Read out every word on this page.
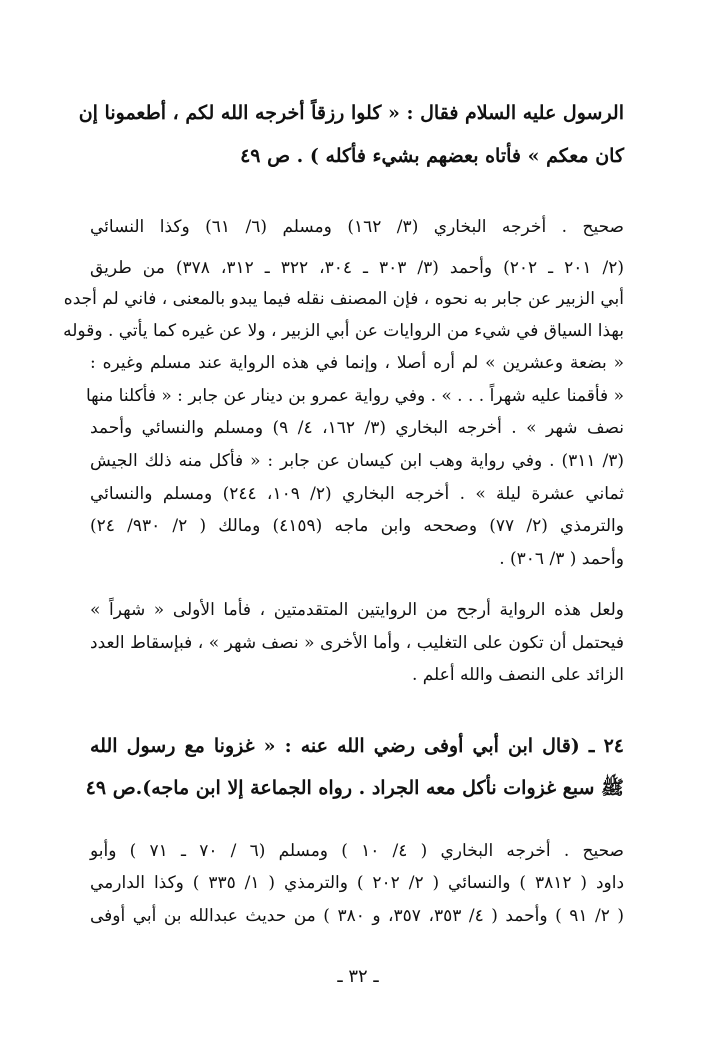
الرسول عليه السلام فقال : « كلوا رزقاً أخرجه الله لكم ، أطعمونا إن
كان معكم » فأتاه بعضهم بشيء فأكله ) . ص ٤٩
صحيح . أخرجه البخاري (٣/ ١٦٢) ومسلم (٦/ ٦١) وكذا النسائي
(٢/ ٢٠١ ـ ٢٠٢) وأحمد (٣/ ٣٠٣ ـ ٣٠٤، ٣٢٢ ـ ٣١٢، ٣٧٨) من طريق
أبي الزبير عن جابر به نحوه ، فإن المصنف نقله فيما يبدو بالمعنى ، فاني لم أجده
بهذا السياق في شيء من الروايات عن أبي الزبير ، ولا عن غيره كما يأتي . وقوله
« بضعة وعشرين » لم أره أصلا ، وإنما في هذه الرواية عند مسلم وغيره :
« فأقمنا عليه شهراً . . . » . وفي رواية عمرو بن دينار عن جابر : « فأكلنا منها
نصف شهر » . أخرجه البخاري (٣/ ١٦٢، ٤/ ٩) ومسلم والنسائي وأحمد
(٣/ ٣١١) . وفي رواية وهب ابن كيسان عن جابر : « فأكل منه ذلك الجيش
ثماني عشرة ليلة » . أخرجه البخاري (٢/ ١٠٩، ٢٤٤) ومسلم والنسائي
والترمذي (٢/ ٧٧) وصححه وابن ماجه (٤١٥٩) ومالك ( ٢/ ٩٣٠/ ٢٤)
وأحمد ( ٣/ ٣٠٦) .
ولعل هذه الرواية أرجح من الروايتين المتقدمتين ، فأما الأولى « شهراً »
فيحتمل أن تكون على التغليب ، وأما الأخرى « نصف شهر » ، فبإسقاط العدد
الزائد على النصف والله أعلم .
٢٤ ـ (قال ابن أبي أوفى رضي الله عنه : « غزونا مع رسول الله
ﷺ سبع غزوات نأكل معه الجراد . رواه الجماعة إلا ابن ماجه).ص ٤٩
صحيح . أخرجه البخاري ( ٤/ ١٠ ) ومسلم (٦ / ٧٠ ـ ٧١ ) وأبو
داود ( ٣٨١٢ ) والنسائي ( ٢/ ٢٠٢ ) والترمذي ( ١/ ٣٣٥ ) وكذا الدارمي
( ٢/ ٩١ ) وأحمد ( ٤/ ٣٥٣، ٣٥٧، و ٣٨٠ ) من حديث عبدالله بن أبي أوفى
ـ ٣٢ ـ
